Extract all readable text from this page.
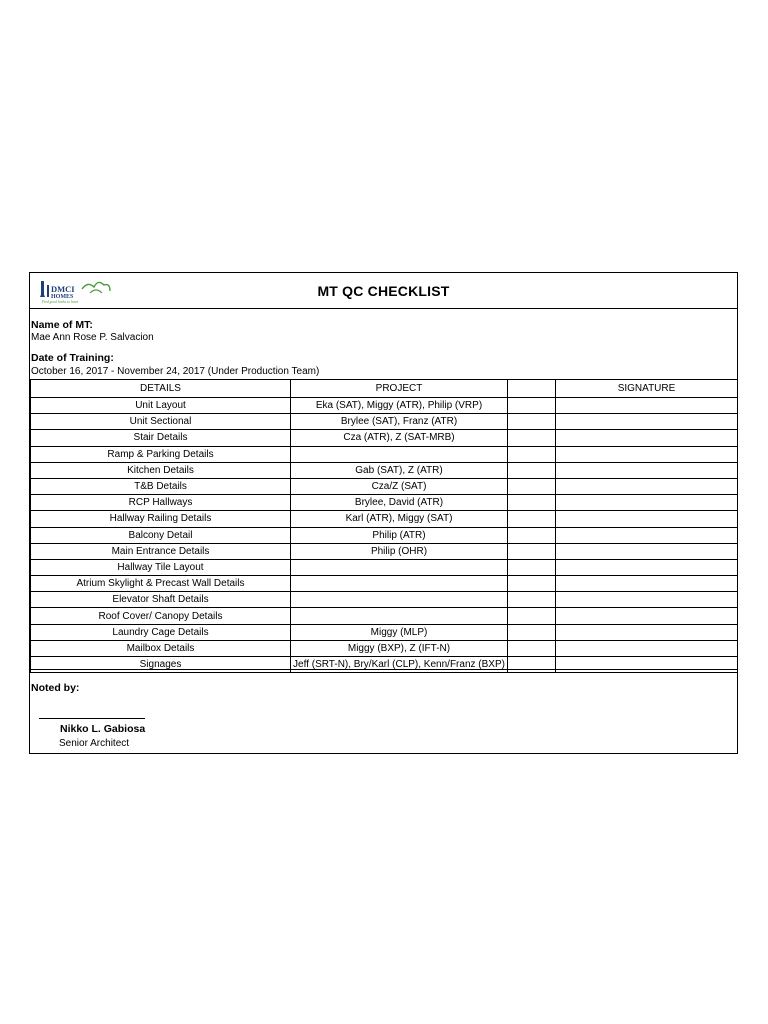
DMCI
HOMES
Find good books to learn
MT QC CHECKLIST
Name of MT:
Mae Ann Rose P. Salvacion
Date of Training:
October 16, 2017 - November 24, 2017 (Under Production Team)
DETAILS	PROJECT		SIGNATURE
Unit Layout	Eka (SAT), Miggy (ATR), Philip (VRP)		
Unit Sectional	Brylee (SAT), Franz (ATR)		
Stair Details	Cza (ATR), Z (SAT-MRB)		
Ramp & Parking Details			
Kitchen Details	Gab (SAT), Z (ATR)		
T&B Details	Cza/Z (SAT)		
RCP Hallways	Brylee, David (ATR)		
Hallway Railing Details	Karl (ATR), Miggy (SAT)		
Balcony Detail	Philip (ATR)		
Main Entrance Details	Philip (OHR)		
Hallway Tile Layout			
Atrium Skylight & Precast Wall Details			
Elevator Shaft Details			
Roof Cover/ Canopy Details			
Laundry Cage Details	Miggy (MLP)		
Mailbox Details	Miggy (BXP), Z (IFT-N)		
Signages	Jeff (SRT-N), Bry/Karl (CLP), Kenn/Franz (BXP)		
Noted by:
Nikko L. Gabiosa
Senior Architect
